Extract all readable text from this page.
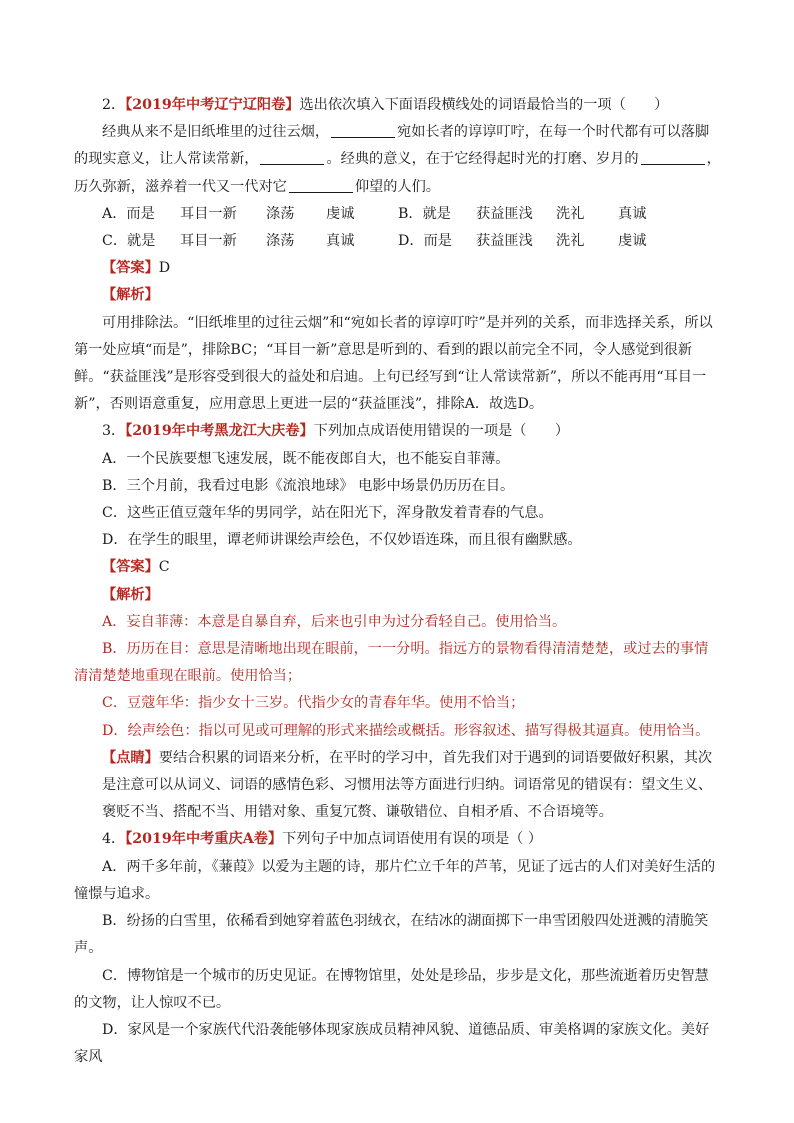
2．【2019年中考辽宁辽阳卷】选出依次填入下面语段横线处的词语最恰当的一项（　　）

经典从来不是旧纸堆里的过往云烟，	宛如长者的谆谆叮咛，在每一个时代都有可以落脚的现实意义，让人常读常新，	。经典的意义，在于它经得起时光的打磨、岁月的	，历久弥新，滋养着一代又一代对它	仰望的人们。

A．而是	耳目一新	涤荡	虔诚	B．就是	获益匪浅	洗礼	真诚
C．就是	耳目一新	涤荡	真诚	D．而是	获益匪浅	洗礼	虔诚

【答案】D

【解析】

可用排除法。“旧纸堆里的过往云烟”和“宛如长者的谆谆叮咛”是并列的关系，而非选择关系，所以第一处应填“而是”，排除BC；“耳目一新”意思是听到的、看到的跟以前完全不同，令人感觉到很新鲜。“获益匪浅”是形容受到很大的益处和启迪。上句已经写到“让人常读常新”，所以不能再用“耳目一新”，否则语意重复，应用意思上更进一层的“获益匪浅”，排除A．故选D。

3．【2019年中考黑龙江大庆卷】下列加点成语使用错误的一项是（　　）

A．一个民族要想飞速发展，既不能夜郎自大，也不能妄自菲薄。

B．三个月前，我看过电影《流浪地球》 电影中场景仍历历在目。

C．这些正值豆蔻年华的男同学，站在阳光下，浑身散发着青春的气息。

D．在学生的眼里，谭老师讲课绘声绘色，不仅妙语连珠，而且很有幽默感。

【答案】C

【解析】

A．妄自菲薄：本意是自暴自弃，后来也引申为过分看轻自己。使用恰当。

B．历历在目：意思是清晰地出现在眼前，一一分明。指远方的景物看得清清楚楚，或过去的事情清清楚楚地重现在眼前。使用恰当；

C．豆蔻年华：指少女十三岁。代指少女的青春年华。使用不恰当；

D．绘声绘色：指以可见或可理解的形式来描绘或概括。形容叙述、描写得极其逼真。使用恰当。

【点睛】要结合积累的词语来分析，在平时的学习中，首先我们对于遇到的词语要做好积累，其次是注意可以从词义、词语的感情色彩、习惯用法等方面进行归纳。词语常见的错误有：望文生义、褒贬不当、搭配不当、用错对象、重复冗赘、谦敬错位、自相矛盾、不合语境等。

4．【2019年中考重庆A卷】下列句子中加点词语使用有误的项是（ ）

A．两千多年前，《蒹葭》以爱为主题的诗，那片伫立千年的芦苇，见证了远古的人们对美好生活的憧憬与追求。

B．纷扬的白雪里，依稀看到她穿着蓝色羽绒衣，在结冰的湖面掷下一串雪团般四处迸溅的清脆笑声。

C．博物馆是一个城市的历史见证。在博物馆里，处处是珍品，步步是文化，那些流逝着历史智慧的文物，让人惊叹不已。

D．家风是一个家族代代沿袭能够体现家族成员精神风貌、道德品质、审美格调的家族文化。美好家风
